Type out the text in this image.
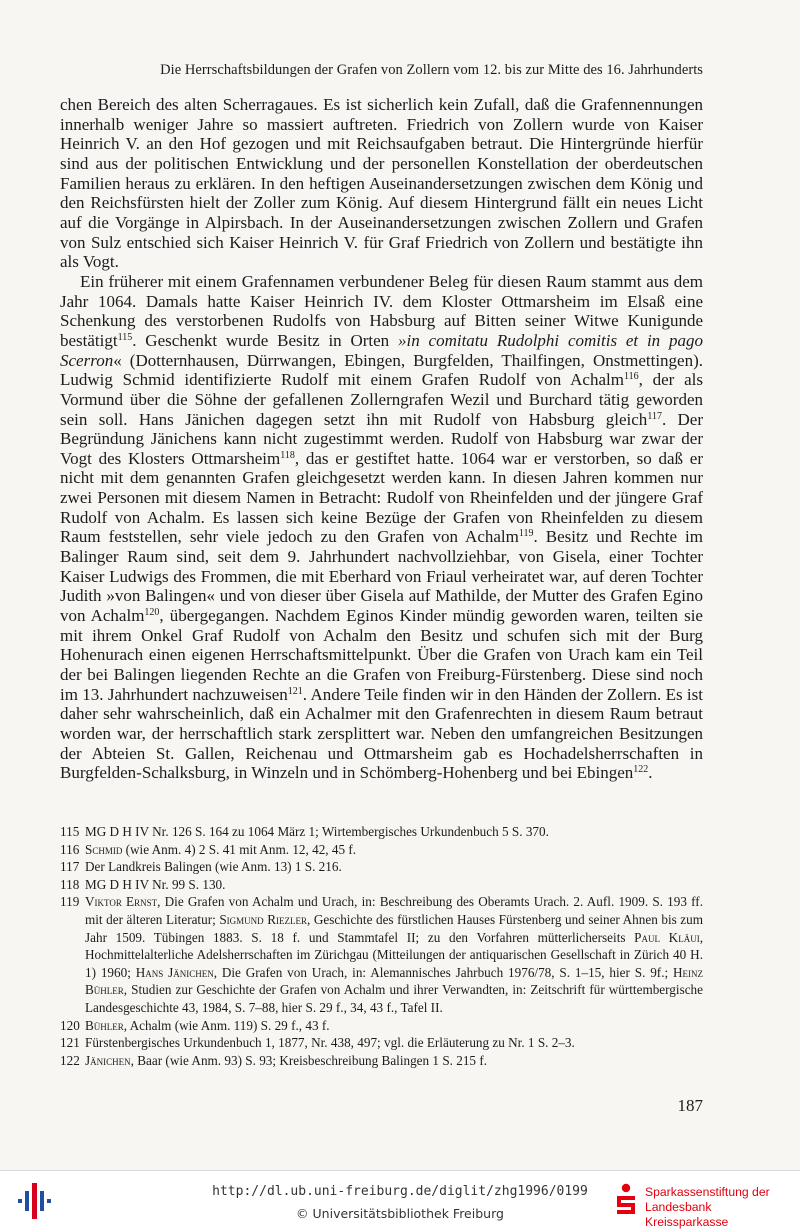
Die Herrschaftsbildungen der Grafen von Zollern vom 12. bis zur Mitte des 16. Jahrhunderts

chen Bereich des alten Scherragaues. Es ist sicherlich kein Zufall, daß die Grafennennungen innerhalb weniger Jahre so massiert auftreten. Friedrich von Zollern wurde von Kaiser Heinrich V. an den Hof gezogen und mit Reichsaufgaben betraut. Die Hintergründe hierfür sind aus der politischen Entwicklung und der personellen Konstellation der oberdeutschen Familien heraus zu erklären. In den heftigen Auseinandersetzungen zwischen dem König und den Reichsfürsten hielt der Zoller zum König. Auf diesem Hintergrund fällt ein neues Licht auf die Vorgänge in Alpirsbach. In der Auseinandersetzungen zwischen Zollern und Grafen von Sulz entschied sich Kaiser Heinrich V. für Graf Friedrich von Zollern und bestätigte ihn als Vogt.

Ein früherer mit einem Grafennamen verbundener Beleg für diesen Raum stammt aus dem Jahr 1064. Damals hatte Kaiser Heinrich IV. dem Kloster Ottmarsheim im Elsaß eine Schenkung des verstorbenen Rudolfs von Habsburg auf Bitten seiner Witwe Kunigunde bestätigt$^{115}$. Geschenkt wurde Besitz in Orten »in comitatu Rudolphi comitis et in pago Scerron« (Dotternhausen, Dürrwangen, Ebingen, Burgfelden, Thailfingen, Onstmettingen). Ludwig Schmid identifizierte Rudolf mit einem Grafen Rudolf von Achalm$^{116}$, der als Vormund über die Söhne der gefallenen Zollerngrafen Wezil und Burchard tätig geworden sein soll. Hans Jänichen dagegen setzt ihn mit Rudolf von Habsburg gleich$^{117}$. Der Begründung Jänichens kann nicht zugestimmt werden. Rudolf von Habsburg war zwar der Vogt des Klosters Ottmarsheim$^{118}$, das er gestiftet hatte. 1064 war er verstorben, so daß er nicht mit dem genannten Grafen gleichgesetzt werden kann. In diesen Jahren kommen nur zwei Personen mit diesem Namen in Betracht: Rudolf von Rheinfelden und der jüngere Graf Rudolf von Achalm. Es lassen sich keine Bezüge der Grafen von Rheinfelden zu diesem Raum feststellen, sehr viele jedoch zu den Grafen von Achalm$^{119}$. Besitz und Rechte im Balinger Raum sind, seit dem 9. Jahrhundert nachvollziehbar, von Gisela, einer Tochter Kaiser Ludwigs des Frommen, die mit Eberhard von Friaul verheiratet war, auf deren Tochter Judith »von Balingen« und von dieser über Gisela auf Mathilde, der Mutter des Grafen Egino von Achalm$^{120}$, übergegangen. Nachdem Eginos Kinder mündig geworden waren, teilten sie mit ihrem Onkel Graf Rudolf von Achalm den Besitz und schufen sich mit der Burg Hohenurach einen eigenen Herrschaftsmittelpunkt. Über die Grafen von Urach kam ein Teil der bei Balingen liegenden Rechte an die Grafen von Freiburg-Fürstenberg. Diese sind noch im 13. Jahrhundert nachzuweisen$^{121}$. Andere Teile finden wir in den Händen der Zollern. Es ist daher sehr wahrscheinlich, daß ein Achalmer mit den Grafenrechten in diesem Raum betraut worden war, der herrschaftlich stark zersplittert war. Neben den umfangreichen Besitzungen der Abteien St. Gallen, Reichenau und Ottmarsheim gab es Hochadelsherrschaften in Burgfelden-Schalksburg, in Winzeln und in Schömberg-Hohenberg und bei Ebingen$^{122}$.

115 MG D H IV Nr. 126 S. 164 zu 1064 März 1; Wirtembergisches Urkundenbuch 5 S. 370.
116 Schmid (wie Anm. 4) 2 S. 41 mit Anm. 12, 42, 45 f.
117 Der Landkreis Balingen (wie Anm. 13) 1 S. 216.
118 MG D H IV Nr. 99 S. 130.
119 Viktor Ernst, Die Grafen von Achalm und Urach, in: Beschreibung des Oberamts Urach. 2. Aufl. 1909. S. 193 ff. mit der älteren Literatur; Sigmund Riezler, Geschichte des fürstlichen Hauses Fürstenberg und seiner Ahnen bis zum Jahr 1509. Tübingen 1883. S. 18 f. und Stammtafel II; zu den Vorfahren mütterlicherseits Paul Kläui, Hochmittelalterliche Adelsherrschaften im Zürichgau (Mitteilungen der antiquarischen Gesellschaft in Zürich 40 H. 1) 1960; Hans Jänichen, Die Grafen von Urach, in: Alemannisches Jahrbuch 1976/78, S. 1–15, hier S. 9f.; Heinz Bühler, Studien zur Geschichte der Grafen von Achalm und ihrer Verwandten, in: Zeitschrift für württembergische Landesgeschichte 43, 1984, S. 7–88, hier S. 29 f., 34, 43 f., Tafel II.
120 Bühler, Achalm (wie Anm. 119) S. 29 f., 43 f.
121 Fürstenbergisches Urkundenbuch 1, 1877, Nr. 438, 497; vgl. die Erläuterung zu Nr. 1 S. 2–3.
122 Jänichen, Baar (wie Anm. 93) S. 93; Kreisbeschreibung Balingen 1 S. 215 f.
187
http://dl.ub.uni-freiburg.de/diglit/zhg1996/0199
© Universitätsbibliothek Freiburg
Sparkassenstiftung der
Landesbank Kreissparkasse
